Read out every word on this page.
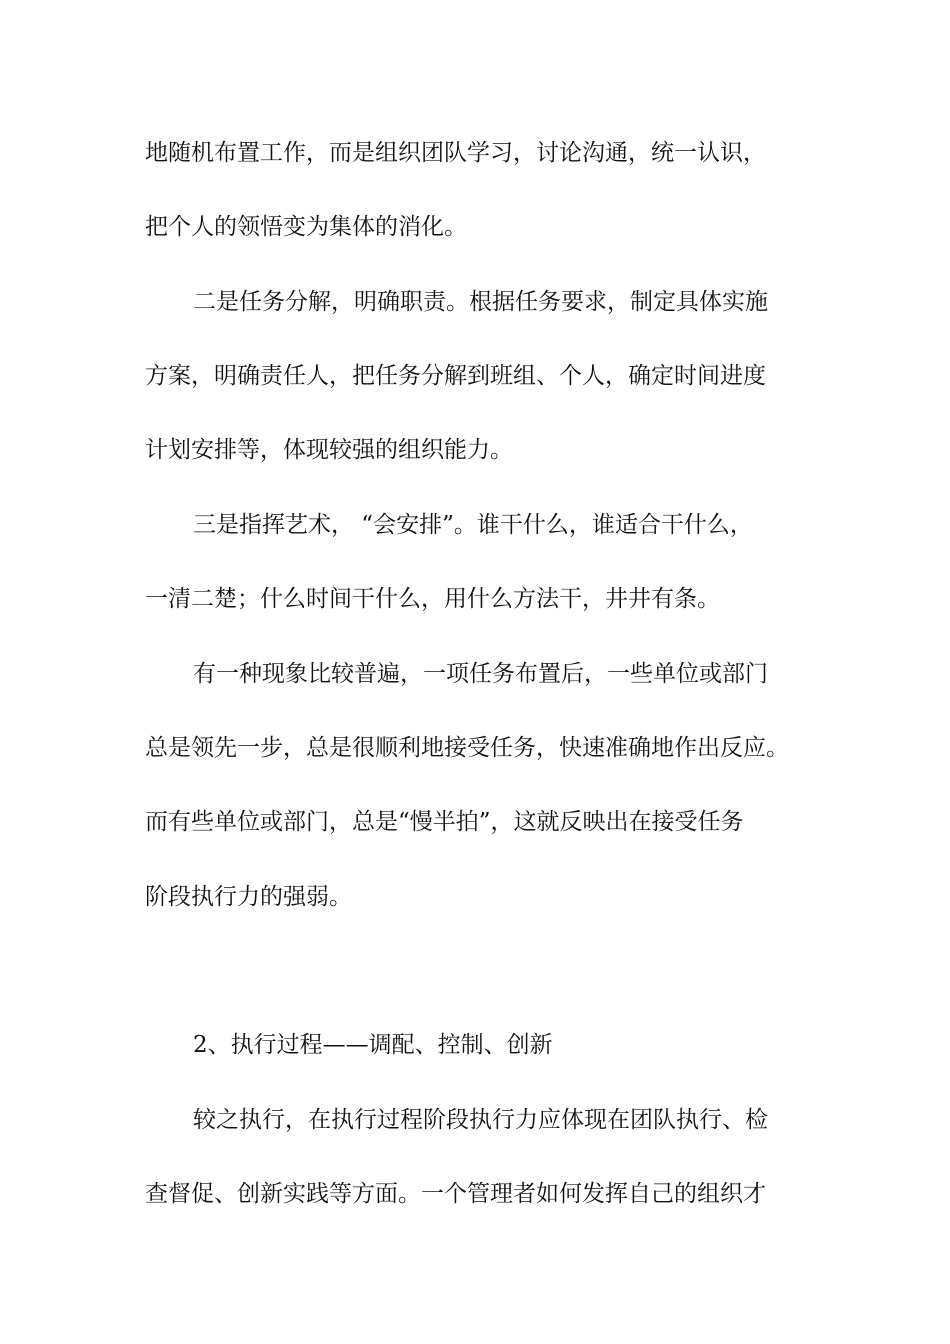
地随机布置工作，而是组织团队学习，讨论沟通，统一认识，
把个人的领悟变为集体的消化。
二是任务分解，明确职责。根据任务要求，制定具体实施
方案，明确责任人，把任务分解到班组、个人，确定时间进度
计划安排等，体现较强的组织能力。
三是指挥艺术， “会安排”。谁干什么，谁适合干什么，
一清二楚；什么时间干什么，用什么方法干，井井有条。
有一种现象比较普遍，一项任务布置后，一些单位或部门
总是领先一步，总是很顺利地接受任务，快速准确地作出反应。
而有些单位或部门，总是“慢半拍”，这就反映出在接受任务
阶段执行力的强弱。
2、执行过程——调配、控制、创新
较之执行，在执行过程阶段执行力应体现在团队执行、检
查督促、创新实践等方面。一个管理者如何发挥自己的组织才
